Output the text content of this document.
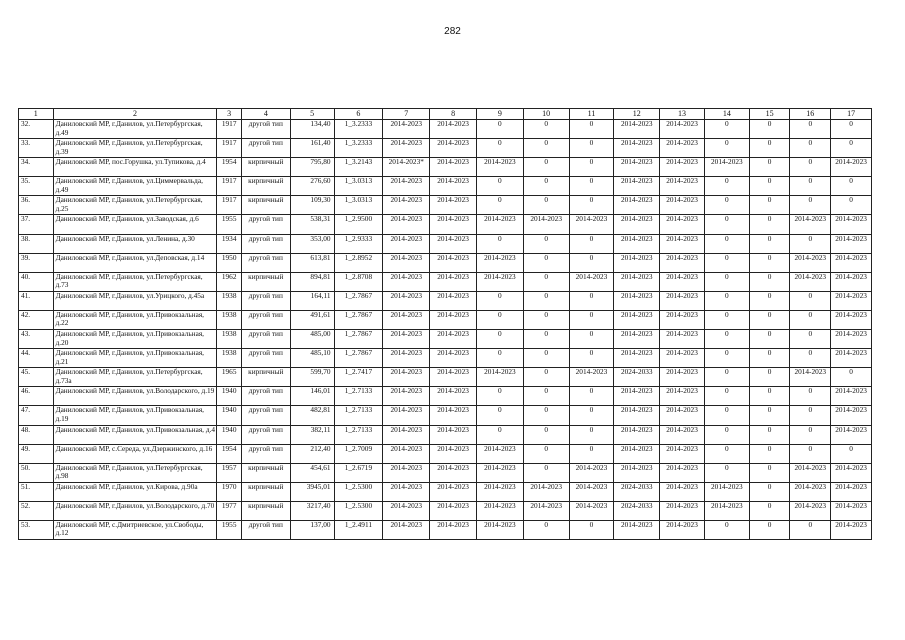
282
1	2	3	4	5	6	7	8	9	10	11	12	13	14	15	16	17
32.	Даниловский МР, г.Данилов, ул.Петербургская, д.49	1917	другой тип	134,40	1_3.2333	2014-2023	2014-2023	0	0	0	2014-2023	2014-2023	0	0	0	0
33.	Даниловский МР, г.Данилов, ул.Петербургская, д.39	1917	другой тип	161,40	1_3.2333	2014-2023	2014-2023	0	0	0	2014-2023	2014-2023	0	0	0	0
34.	Даниловский МР, пос.Горушка, ул.Тупикова, д.4	1954	кирпичный	795,80	1_3.2143	2014-2023*	2014-2023	2014-2023	0	0	2014-2023	2014-2023	2014-2023	0	0	2014-2023
35.	Даниловский МР, г.Данилов, ул.Циммервальда, д.49	1917	кирпичный	276,60	1_3.0313	2014-2023	2014-2023	0	0	0	2014-2023	2014-2023	0	0	0	0
36.	Даниловский МР, г.Данилов, ул.Петербургская, д.25	1917	кирпичный	109,30	1_3.0313	2014-2023	2014-2023	0	0	0	2014-2023	2014-2023	0	0	0	0
37.	Даниловский МР, г.Данилов, ул.Заводская, д.6	1955	другой тип	538,31	1_2.9500	2014-2023	2014-2023	2014-2023	2014-2023	2014-2023	2014-2023	2014-2023	0	0	2014-2023	2014-2023
38.	Даниловский МР, г.Данилов, ул.Ленина, д.30	1934	другой тип	353,00	1_2.9333	2014-2023	2014-2023	0	0	0	2014-2023	2014-2023	0	0	0	2014-2023
39.	Даниловский МР, г.Данилов, ул.Деповская, д.14	1950	другой тип	613,81	1_2.8952	2014-2023	2014-2023	2014-2023	0	0	2014-2023	2014-2023	0	0	2014-2023	2014-2023
40.	Даниловский МР, г.Данилов, ул.Петербургская, д.73	1962	кирпичный	894,81	1_2.8708	2014-2023	2014-2023	2014-2023	0	2014-2023	2014-2023	2014-2023	0	0	2014-2023	2014-2023
41.	Даниловский МР, г.Данилов, ул.Урицкого, д.45а	1938	другой тип	164,11	1_2.7867	2014-2023	2014-2023	0	0	0	2014-2023	2014-2023	0	0	0	2014-2023
42.	Даниловский МР, г.Данилов, ул.Привокзальная, д.22	1938	другой тип	491,61	1_2.7867	2014-2023	2014-2023	0	0	0	2014-2023	2014-2023	0	0	0	2014-2023
43.	Даниловский МР, г.Данилов, ул.Привокзальная, д.20	1938	другой тип	485,00	1_2.7867	2014-2023	2014-2023	0	0	0	2014-2023	2014-2023	0	0	0	2014-2023
44.	Даниловский МР, г.Данилов, ул.Привокзальная, д.21	1938	другой тип	485,10	1_2.7867	2014-2023	2014-2023	0	0	0	2014-2023	2014-2023	0	0	0	2014-2023
45.	Даниловский МР, г.Данилов, ул.Петербургская, д.73а	1965	кирпичный	599,70	1_2.7417	2014-2023	2014-2023	2014-2023	0	2014-2023	2024-2033	2014-2023	0	0	2014-2023	0
46.	Даниловский МР, г.Данилов, ул.Володарского, д.19	1940	другой тип	146,01	1_2.7133	2014-2023	2014-2023	0	0	0	2014-2023	2014-2023	0	0	0	2014-2023
47.	Даниловский МР, г.Данилов, ул.Привокзальная, д.19	1940	другой тип	482,81	1_2.7133	2014-2023	2014-2023	0	0	0	2014-2023	2014-2023	0	0	0	2014-2023
48.	Даниловский МР, г.Данилов, ул.Привокзальная, д.4	1940	другой тип	382,11	1_2.7133	2014-2023	2014-2023	0	0	0	2014-2023	2014-2023	0	0	0	2014-2023
49.	Даниловский МР, с.Середа, ул.Дзержинского, д.16	1954	другой тип	212,40	1_2.7009	2014-2023	2014-2023	2014-2023	0	0	2014-2023	2014-2023	0	0	0	0
50.	Даниловский МР, г.Данилов, ул.Петербургская, д.98	1957	кирпичный	454,61	1_2.6719	2014-2023	2014-2023	2014-2023	0	2014-2023	2014-2023	2014-2023	0	0	2014-2023	2014-2023
51.	Даниловский МР, г.Данилов, ул.Кирова, д.90а	1970	кирпичный	3945,01	1_2.5300	2014-2023	2014-2023	2014-2023	2014-2023	2014-2023	2024-2033	2014-2023	2014-2023	0	2014-2023	2014-2023
52.	Даниловский МР, г.Данилов, ул.Володарского, д.70	1977	кирпичный	3217,40	1_2.5300	2014-2023	2014-2023	2014-2023	2014-2023	2014-2023	2024-2033	2014-2023	2014-2023	0	2014-2023	2014-2023
53.	Даниловский МР, с.Дмитриевское, ул.Свободы, д.12	1955	другой тип	137,00	1_2.4911	2014-2023	2014-2023	2014-2023	0	0	2014-2023	2014-2023	0	0	0	2014-2023
